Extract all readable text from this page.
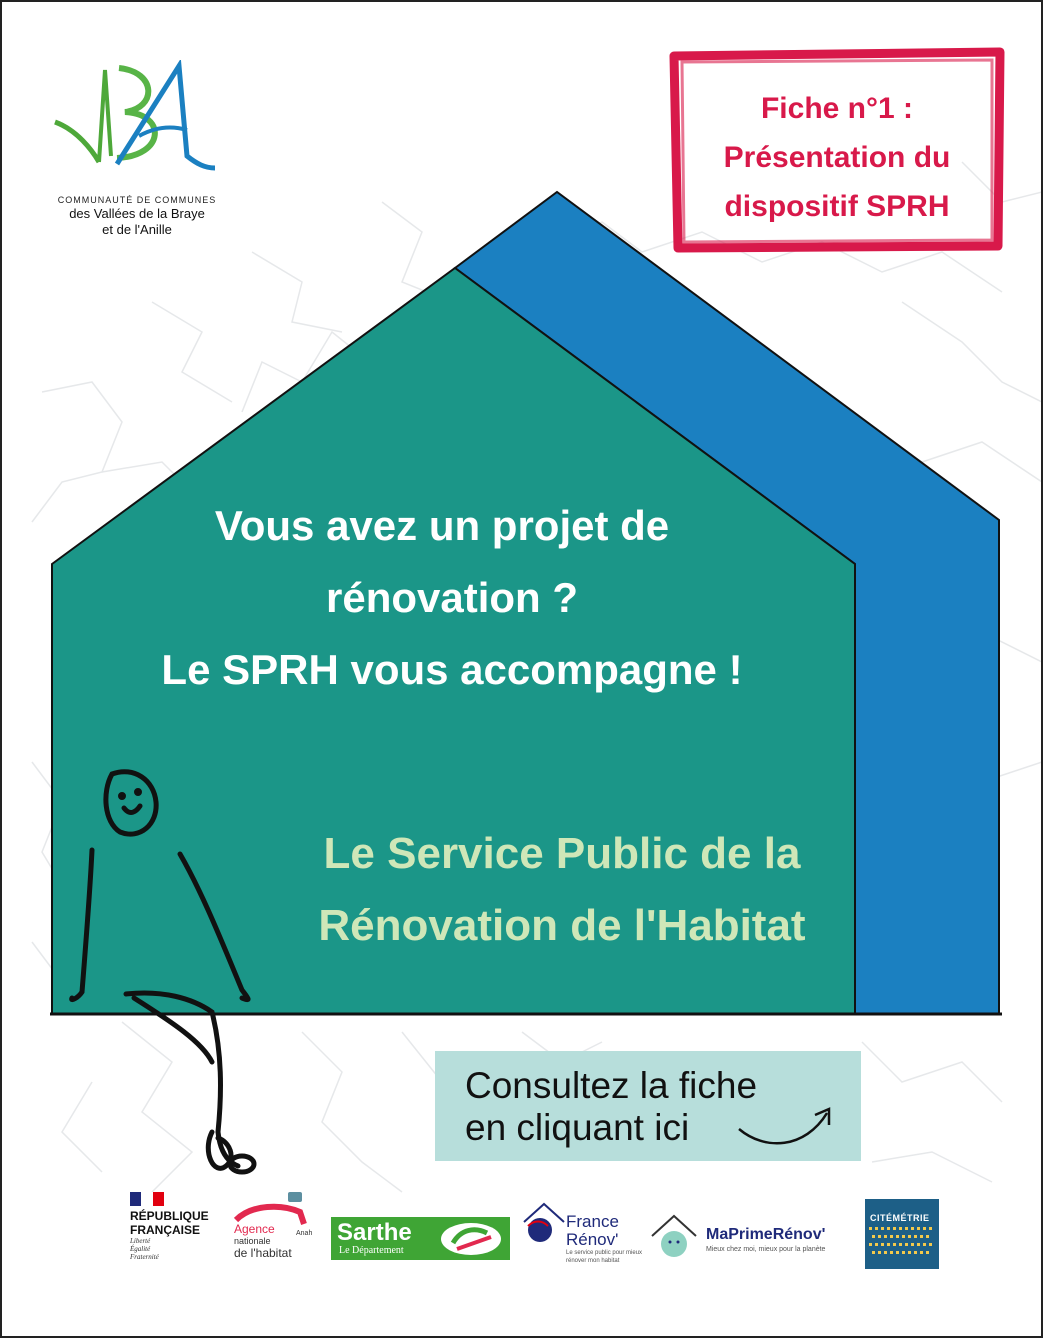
COMMUNAUTÉ DE COMMUNES
des Vallées de la Braye
et de l'Anille
Fiche n°1 :
Présentation du
dispositif SPRH
Vous avez un projet de
rénovation ?
Le SPRH vous accompagne !
Le Service Public de la
Rénovation de l'Habitat
Consultez la fiche
en cliquant ici
RÉPUBLIQUE
FRANÇAISE
Liberté
Égalité
Fraternité
Agence
nationale
de l'habitat
Anah Sarthe
Le Département
France
Rénov'
Le service public pour mieux
rénover mon habitat
MaPrimeRénov'
Mieux chez moi, mieux pour la planète
CITÉMÉTRIE
